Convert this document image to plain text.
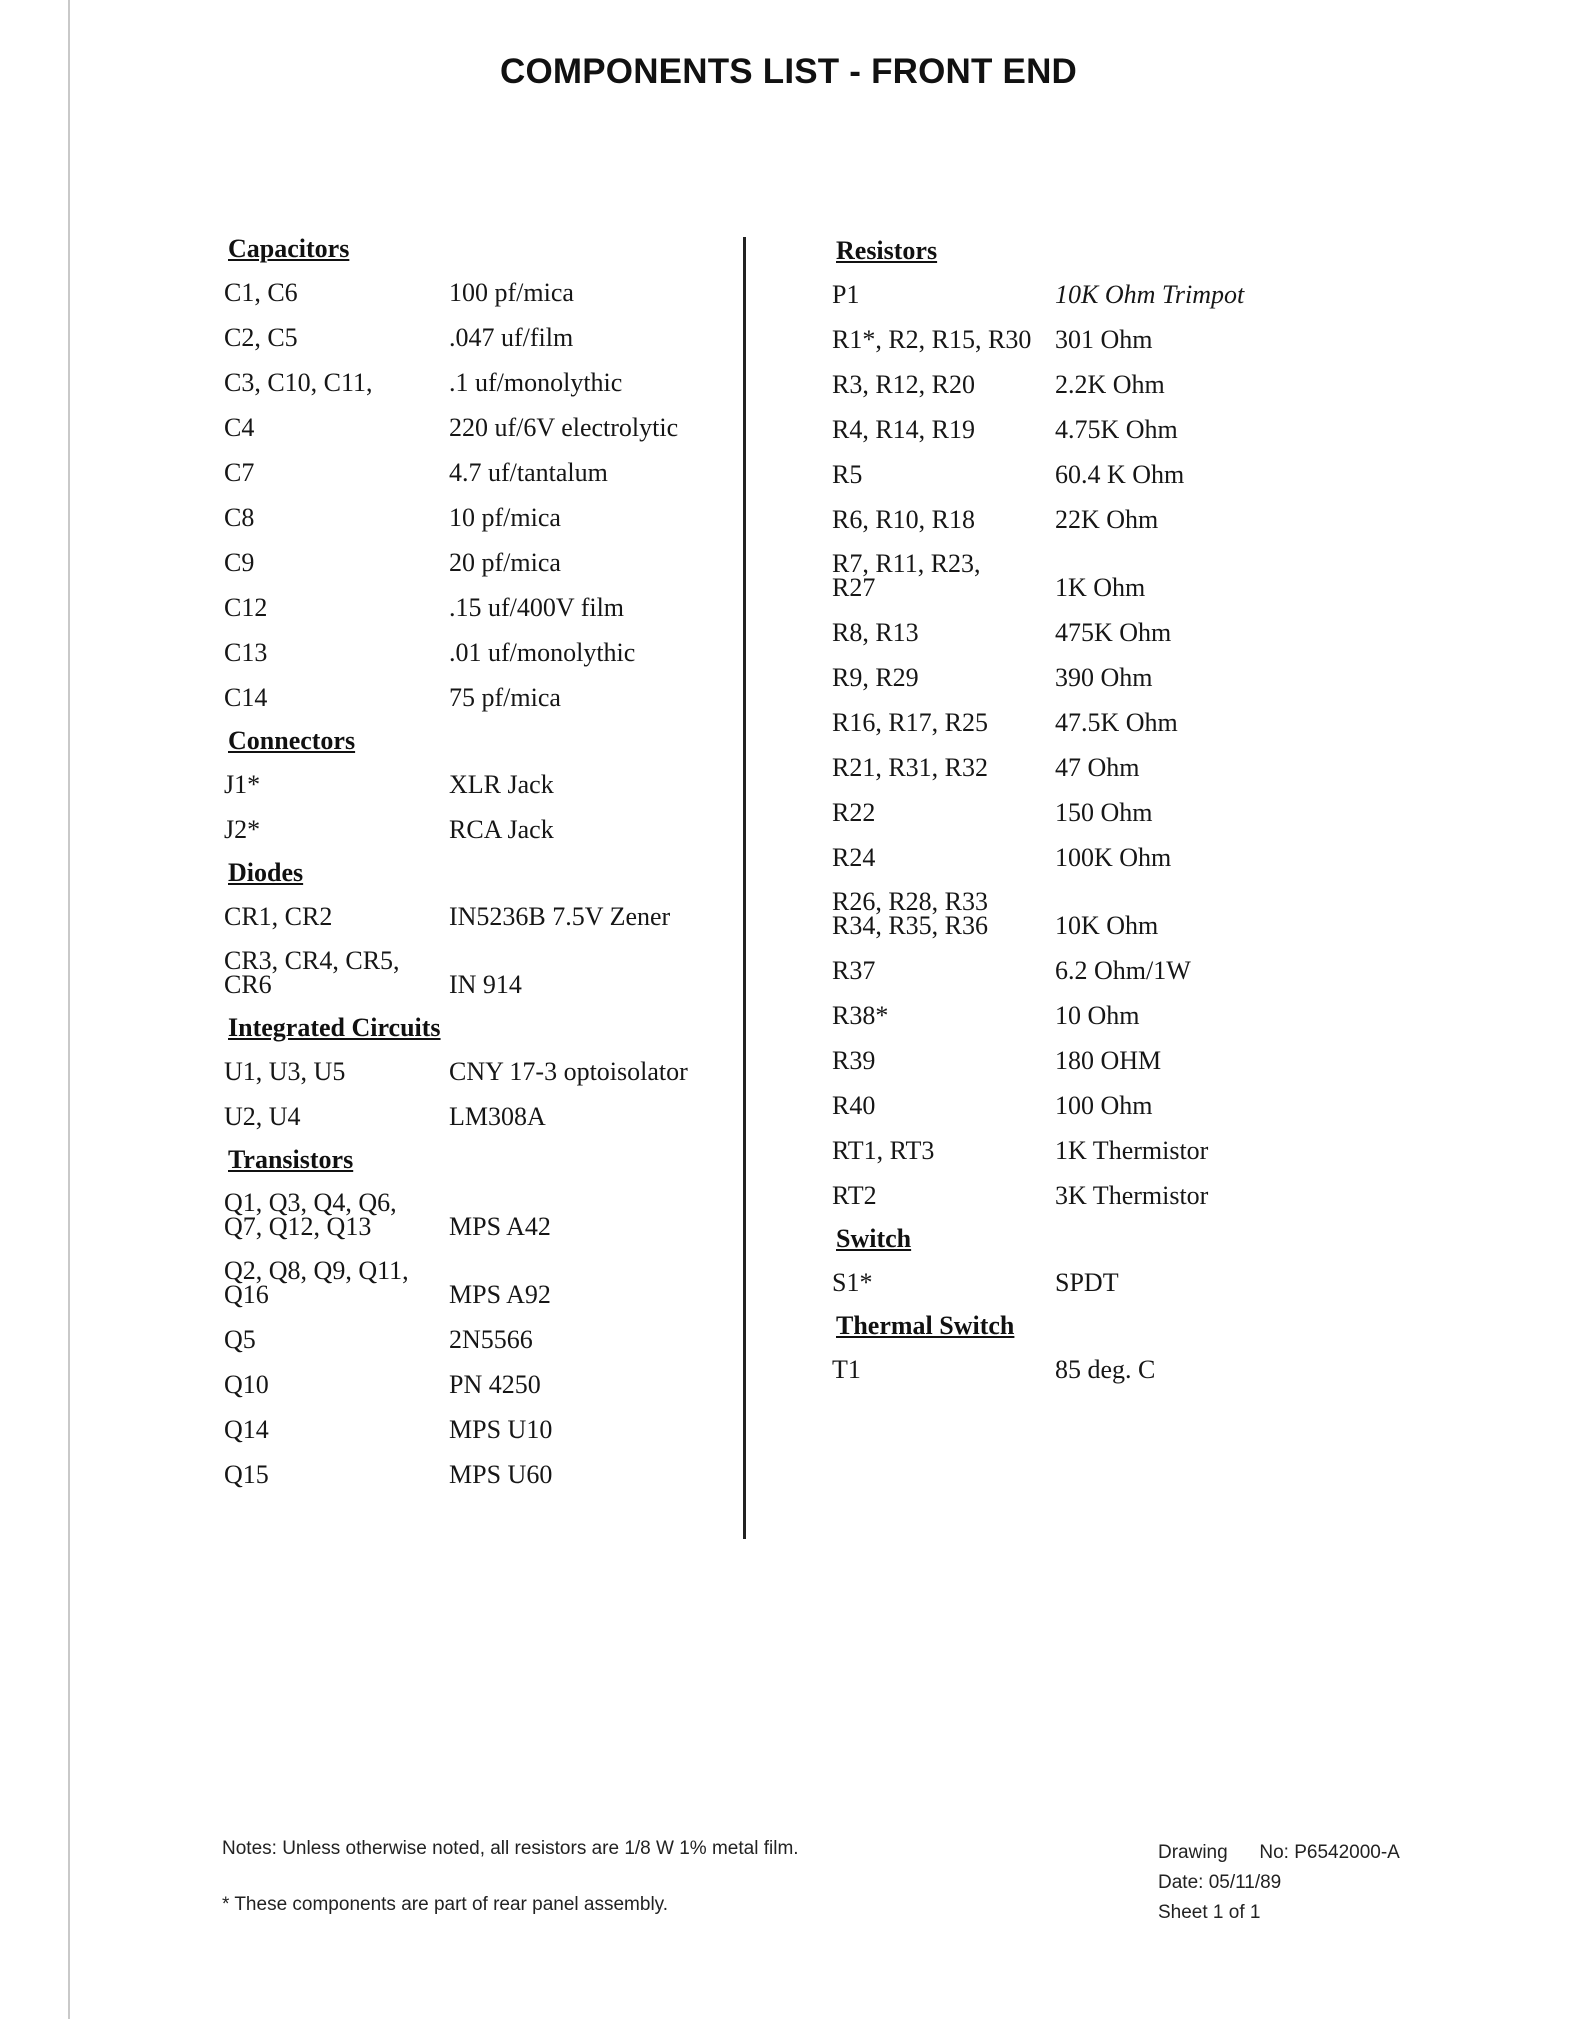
COMPONENTS LIST - FRONT END
Capacitors
C1, C6	100 pf/mica
C2, C5	.047 uf/film
C3, C10, C11,	.1 uf/monolythic
C4	220 uf/6V electrolytic
C7	4.7 uf/tantalum
C8	10 pf/mica
C9	20 pf/mica
C12	.15 uf/400V film
C13	.01 uf/monolythic
C14	75 pf/mica
Connectors
J1*	XLR Jack
J2*	RCA Jack
Diodes
CR1, CR2	IN5236B 7.5V Zener
CR3, CR4, CR5,
CR6	IN 914
Integrated Circuits
U1, U3, U5	CNY 17-3 optoisolator
U2, U4	LM308A
Transistors
Q1, Q3, Q4, Q6,
Q7, Q12, Q13	MPS A42
Q2, Q8, Q9, Q11,
Q16	MPS A92
Q5	2N5566
Q10	PN 4250
Q14	MPS U10
Q15	MPS U60
Resistors
P1	10K Ohm Trimpot
R1*, R2, R15, R30 301 Ohm
R3, R12, R20	2.2K Ohm
R4, R14, R19	4.75K Ohm
R5	60.4 K Ohm
R6, R10, R18	22K Ohm
R7, R11, R23,
R27	1K Ohm
R8, R13	475K Ohm
R9, R29	390 Ohm
R16, R17, R25	47.5K Ohm
R21, R31, R32	47 Ohm
R22	150 Ohm
R24	100K Ohm
R26, R28, R33
R34, R35, R36	10K Ohm
R37	6.2 Ohm/1W
R38*	10 Ohm
R39	180 OHM
R40	100 Ohm
RT1, RT3	1K Thermistor
RT2	3K Thermistor
Switch
S1*	SPDT
Thermal Switch
T1	85 deg. C

Notes: Unless otherwise noted, all resistors are 1/8 W 1% metal film.

* These components are part of rear panel assembly.

Drawing      No: P6542000-A
Date: 05/11/89
Sheet 1 of 1
